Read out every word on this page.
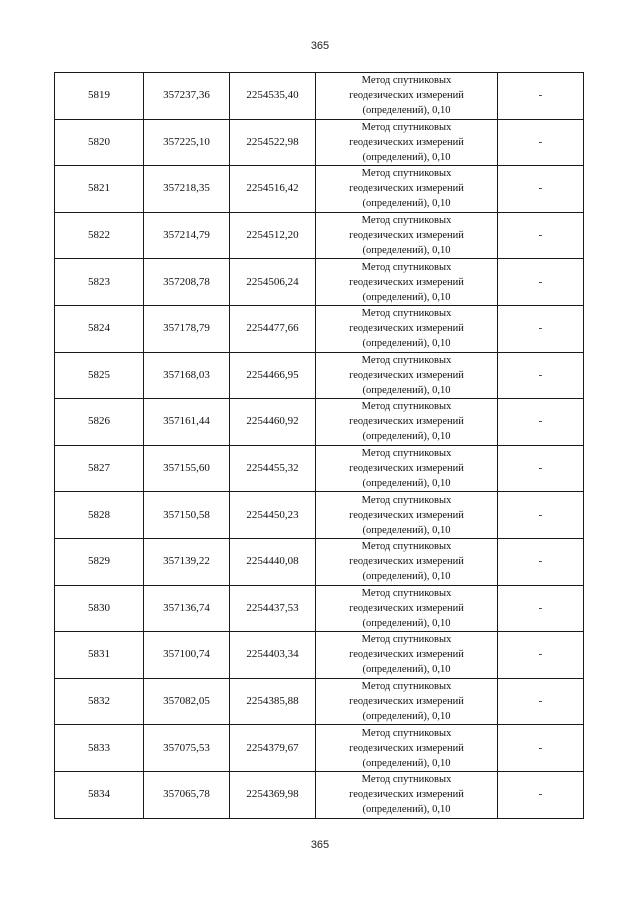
365
5819	357237,36	2254535,40	Метод спутниковых
геодезических измерений
(определений), 0,10	-
5820	357225,10	2254522,98	Метод спутниковых
геодезических измерений
(определений), 0,10	-
5821	357218,35	2254516,42	Метод спутниковых
геодезических измерений
(определений), 0,10	-
5822	357214,79	2254512,20	Метод спутниковых
геодезических измерений
(определений), 0,10	-
5823	357208,78	2254506,24	Метод спутниковых
геодезических измерений
(определений), 0,10	-
5824	357178,79	2254477,66	Метод спутниковых
геодезических измерений
(определений), 0,10	-
5825	357168,03	2254466,95	Метод спутниковых
геодезических измерений
(определений), 0,10	-
5826	357161,44	2254460,92	Метод спутниковых
геодезических измерений
(определений), 0,10	-
5827	357155,60	2254455,32	Метод спутниковых
геодезических измерений
(определений), 0,10	-
5828	357150,58	2254450,23	Метод спутниковых
геодезических измерений
(определений), 0,10	-
5829	357139,22	2254440,08	Метод спутниковых
геодезических измерений
(определений), 0,10	-
5830	357136,74	2254437,53	Метод спутниковых
геодезических измерений
(определений), 0,10	-
5831	357100,74	2254403,34	Метод спутниковых
геодезических измерений
(определений), 0,10	-
5832	357082,05	2254385,88	Метод спутниковых
геодезических измерений
(определений), 0,10	-
5833	357075,53	2254379,67	Метод спутниковых
геодезических измерений
(определений), 0,10	-
5834	357065,78	2254369,98	Метод спутниковых
геодезических измерений
(определений), 0,10	-
365
